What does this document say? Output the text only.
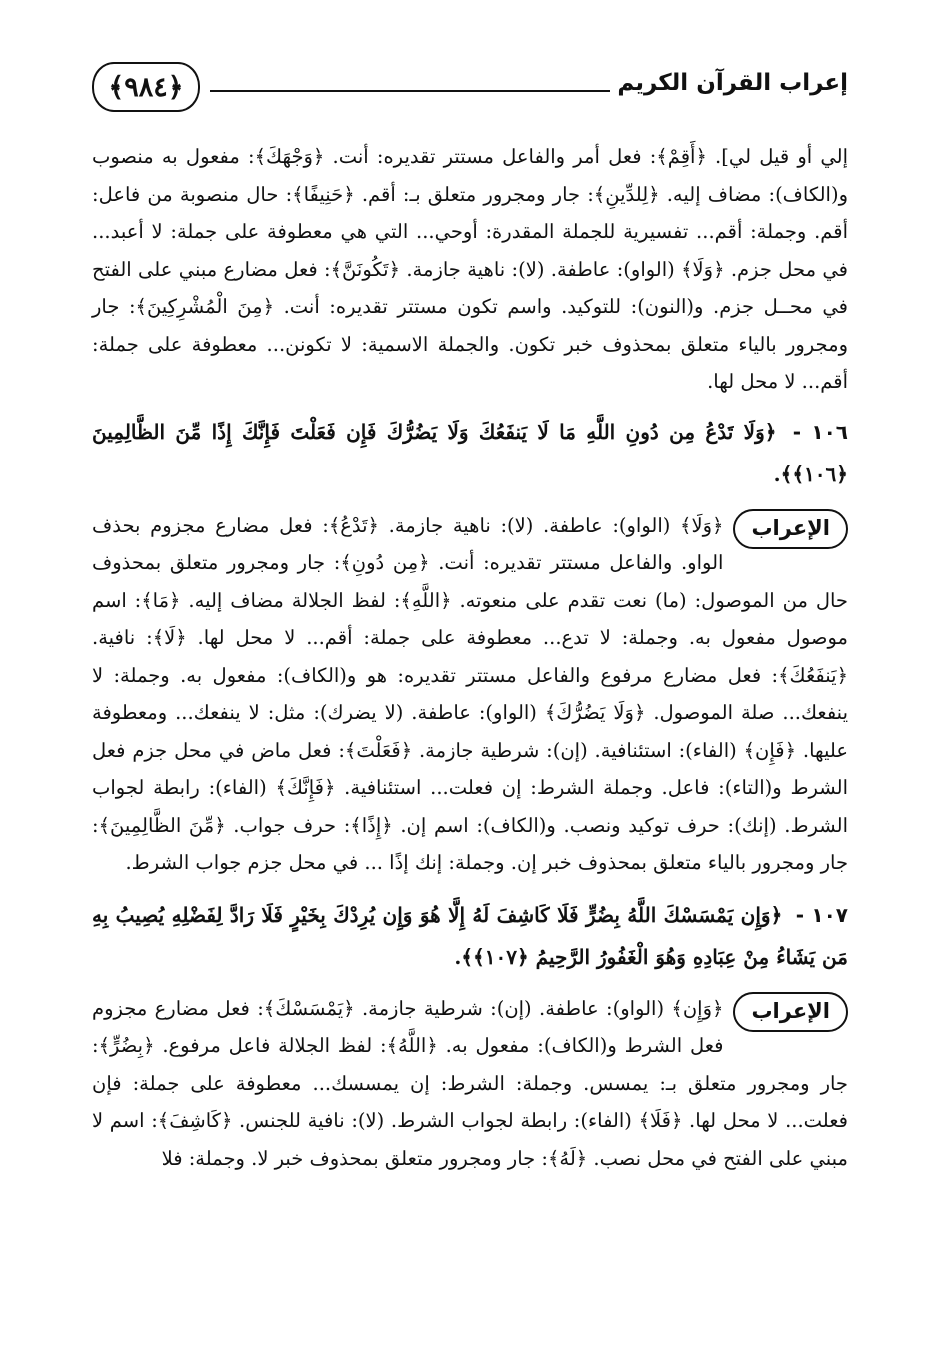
﴿٩٨٤﴾	إعراب القرآن الكريم

إلي أو قيل لي]. ﴿أَقِمْ﴾: فعل أمر والفاعل مستتر تقديره: أنت. ﴿وَجْهَكَ﴾: مفعول به منصوب و(الكاف): مضاف إليه. ﴿لِلدِّينِ﴾: جار ومجرور متعلق بـ: أقم. ﴿حَنِيفًا﴾: حال منصوبة من فاعل: أقم. وجملة: أقم... تفسيرية للجملة المقدرة: أوحي... التي هي معطوفة على جملة: لا أعبد... في محل جزم. ﴿وَلَا﴾ (الواو): عاطفة. (لا): ناهية جازمة. ﴿تَكُونَنَّ﴾: فعل مضارع مبني على الفتح في محــل جزم. و(النون): للتوكيد. واسم تكون مستتر تقديره: أنت. ﴿مِنَ الْمُشْرِكِينَ﴾: جار ومجرور بالياء متعلق بمحذوف خبر تكون. والجملة الاسمية: لا تكونن... معطوفة على جملة: أقم... لا محل لها.

١٠٦ - ﴿وَلَا تَدْعُ مِن دُونِ اللَّهِ مَا لَا يَنفَعُكَ وَلَا يَضُرُّكَ فَإِن فَعَلْتَ فَإِنَّكَ إِذًا مِّنَ الظَّالِمِينَ ﴿١٠٦﴾﴾.

الإعراب
﴿وَلَا﴾ (الواو): عاطفة. (لا): ناهية جازمة. ﴿تَدْعُ﴾: فعل مضارع مجزوم بحذف الواو. والفاعل مستتر تقديره: أنت. ﴿مِن دُونِ﴾: جار ومجرور متعلق بمحذوف حال من الموصول: (ما) نعت تقدم على منعوته. ﴿اللَّهِ﴾: لفظ الجلالة مضاف إليه. ﴿مَا﴾: اسم موصول مفعول به. وجملة: لا تدع... معطوفة على جملة: أقم... لا محل لها. ﴿لَا﴾: نافية. ﴿يَنفَعُكَ﴾: فعل مضارع مرفوع والفاعل مستتر تقديره: هو و(الكاف): مفعول به. وجملة: لا ينفعك... صلة الموصول. ﴿وَلَا يَضُرُّكَ﴾ (الواو): عاطفة. (لا يضرك): مثل: لا ينفعك... ومعطوفة عليها. ﴿فَإِن﴾ (الفاء): استئنافية. (إن): شرطية جازمة. ﴿فَعَلْتَ﴾: فعل ماض في محل جزم فعل الشرط و(التاء): فاعل. وجملة الشرط: إن فعلت... استئنافية. ﴿فَإِنَّكَ﴾ (الفاء): رابطة لجواب الشرط. (إنك): حرف توكيد ونصب. و(الكاف): اسم إن. ﴿إِذًا﴾: حرف جواب. ﴿مِّنَ الظَّالِمِينَ﴾: جار ومجرور بالياء متعلق بمحذوف خبر إن. وجملة: إنك إذًا ... في محل جزم جواب الشرط.

١٠٧ - ﴿وَإِن يَمْسَسْكَ اللَّهُ بِضُرٍّ فَلَا كَاشِفَ لَهُ إِلَّا هُوَ وَإِن يُرِدْكَ بِخَيْرٍ فَلَا رَادَّ لِفَضْلِهِ يُصِيبُ بِهِ مَن يَشَاءُ مِنْ عِبَادِهِ وَهُوَ الْغَفُورُ الرَّحِيمُ ﴿١٠٧﴾﴾.

الإعراب
﴿وَإِن﴾ (الواو): عاطفة. (إن): شرطية جازمة. ﴿يَمْسَسْكَ﴾: فعل مضارع مجزوم فعل الشرط و(الكاف): مفعول به. ﴿اللَّهُ﴾: لفظ الجلالة فاعل مرفوع. ﴿بِضُرٍّ﴾: جار ومجرور متعلق بـ: يمسس. وجملة: الشرط: إن يمسسك... معطوفة على جملة: فإن فعلت... لا محل لها. ﴿فَلَا﴾ (الفاء): رابطة لجواب الشرط. (لا): نافية للجنس. ﴿كَاشِفَ﴾: اسم لا مبني على الفتح في محل نصب. ﴿لَهُ﴾: جار ومجرور متعلق بمحذوف خبر لا. وجملة: فلا
